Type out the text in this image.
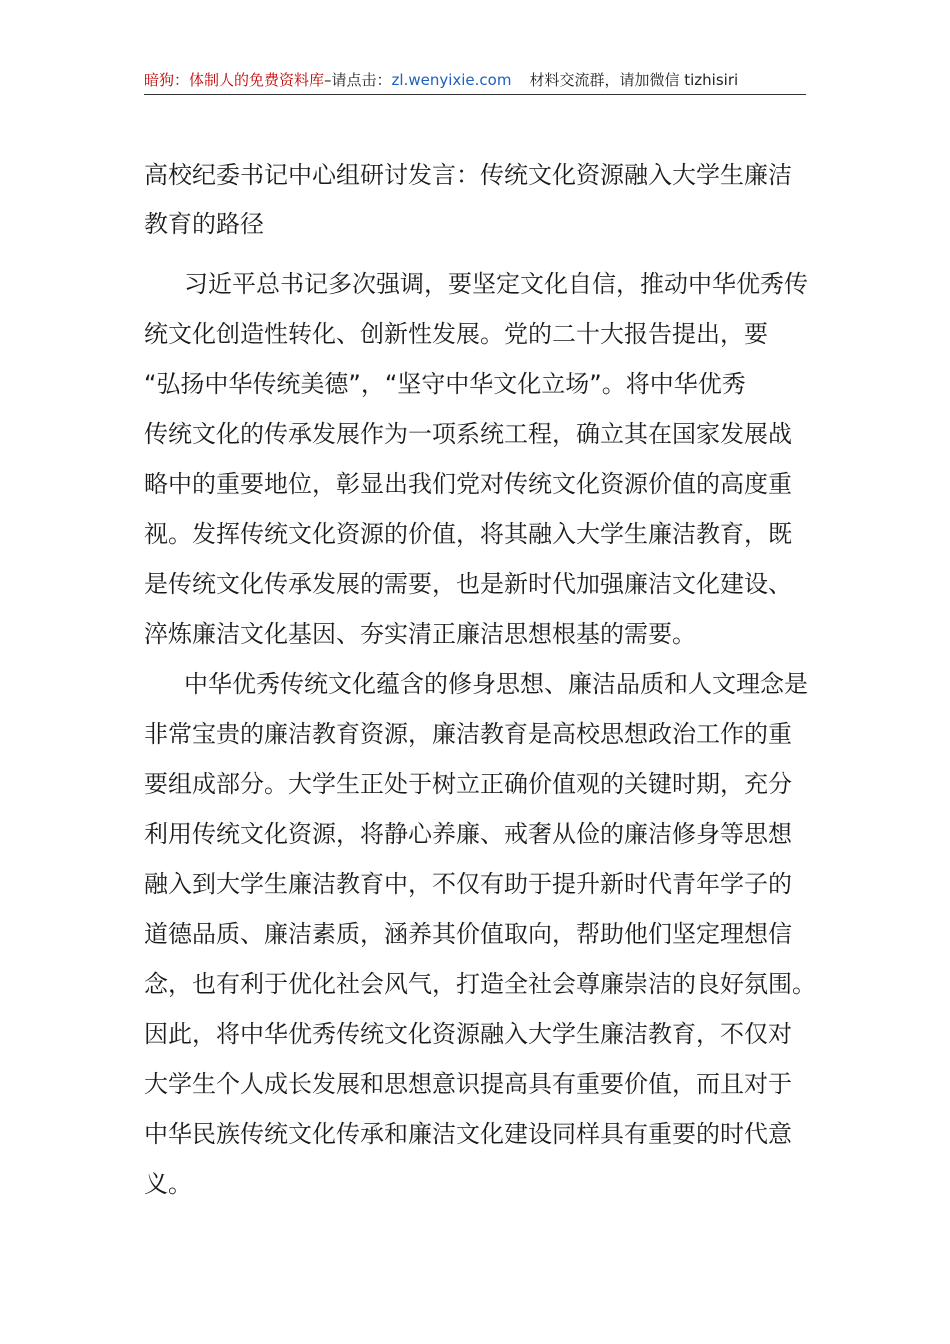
暗狗：体制人的免费资料库–请点击：zl.wenyixie.com 材料交流群，请加微信 tizhisiri
高校纪委书记中心组研讨发言：传统文化资源融入大学生廉洁
教育的路径

习近平总书记多次强调，要坚定文化自信，推动中华优秀传
统文化创造性转化、创新性发展。党的二十大报告提出，要
“弘扬中华传统美德”，“坚守中华文化立场”。将中华优秀
传统文化的传承发展作为一项系统工程，确立其在国家发展战
略中的重要地位，彰显出我们党对传统文化资源价值的高度重
视。发挥传统文化资源的价值，将其融入大学生廉洁教育，既
是传统文化传承发展的需要，也是新时代加强廉洁文化建设、
淬炼廉洁文化基因、夯实清正廉洁思想根基的需要。

中华优秀传统文化蕴含的修身思想、廉洁品质和人文理念是
非常宝贵的廉洁教育资源，廉洁教育是高校思想政治工作的重
要组成部分。大学生正处于树立正确价值观的关键时期，充分
利用传统文化资源，将静心养廉、戒奢从俭的廉洁修身等思想
融入到大学生廉洁教育中，不仅有助于提升新时代青年学子的
道德品质、廉洁素质，涵养其价值取向，帮助他们坚定理想信
念，也有利于优化社会风气，打造全社会尊廉崇洁的良好氛围。
因此，将中华优秀传统文化资源融入大学生廉洁教育，不仅对
大学生个人成长发展和思想意识提高具有重要价值，而且对于
中华民族传统文化传承和廉洁文化建设同样具有重要的时代意
义。
